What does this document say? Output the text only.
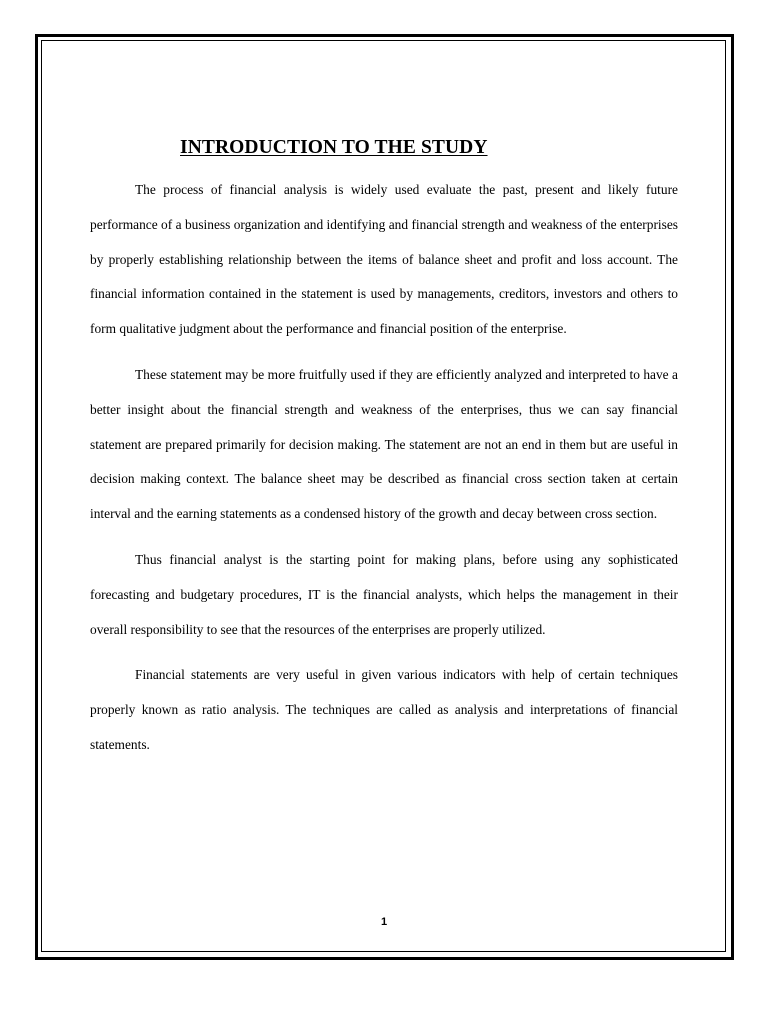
INTRODUCTION TO THE STUDY

The process of financial analysis is widely used evaluate the past, present and likely future performance of a business organization and identifying and financial strength and weakness of the enterprises by properly establishing relationship between the items of balance sheet and profit and loss account. The financial information contained in the statement is used by managements, creditors, investors and others to form qualitative judgment about the performance and financial position of the enterprise.

These statement may be more fruitfully used if they are efficiently analyzed and interpreted to have a better insight about the financial strength and weakness of the enterprises, thus we can say financial statement are prepared primarily for decision making. The statement are not an end in them but are useful in decision making context. The balance sheet may be described as financial cross section taken at certain interval and the earning statements as a condensed history of the growth and decay between cross section.

Thus financial analyst is the starting point for making plans, before using any sophisticated forecasting and budgetary procedures, IT is the financial analysts, which helps the management in their overall responsibility to see that the resources of the enterprises are properly utilized.

Financial statements are very useful in given various indicators with help of certain techniques properly known as ratio analysis. The techniques are called as analysis and interpretations of financial statements.

1
